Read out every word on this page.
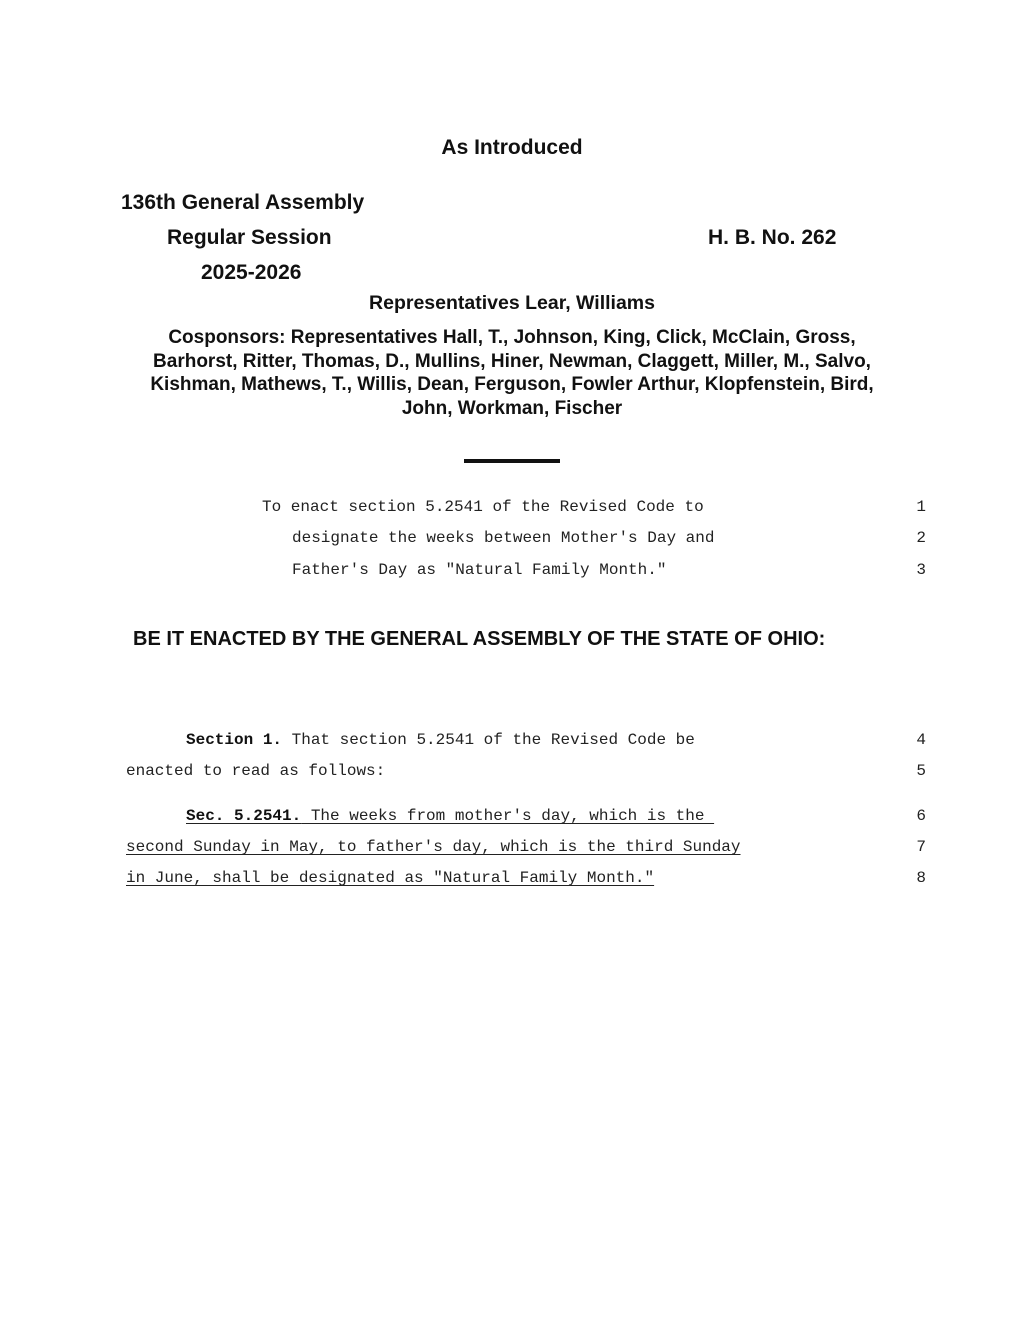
As Introduced
136th General Assembly
Regular Session	H. B. No. 262
2025-2026
Representatives Lear, Williams
Cosponsors: Representatives Hall, T., Johnson, King, Click, McClain, Gross,
Barhorst, Ritter, Thomas, D., Mullins, Hiner, Newman, Claggett, Miller, M., Salvo,
Kishman, Mathews, T., Willis, Dean, Ferguson, Fowler Arthur, Klopfenstein, Bird,
John, Workman, Fischer
To enact section 5.2541 of the Revised Code to	1
designate the weeks between Mother's Day and	2
Father's Day as "Natural Family Month."	3
BE IT ENACTED BY THE GENERAL ASSEMBLY OF THE STATE OF OHIO:
Section 1. That section 5.2541 of the Revised Code be	4
enacted to read as follows:	5
Sec. 5.2541. The weeks from mother's day, which is the	6
second Sunday in May, to father's day, which is the third Sunday	7
in June, shall be designated as "Natural Family Month."	8
